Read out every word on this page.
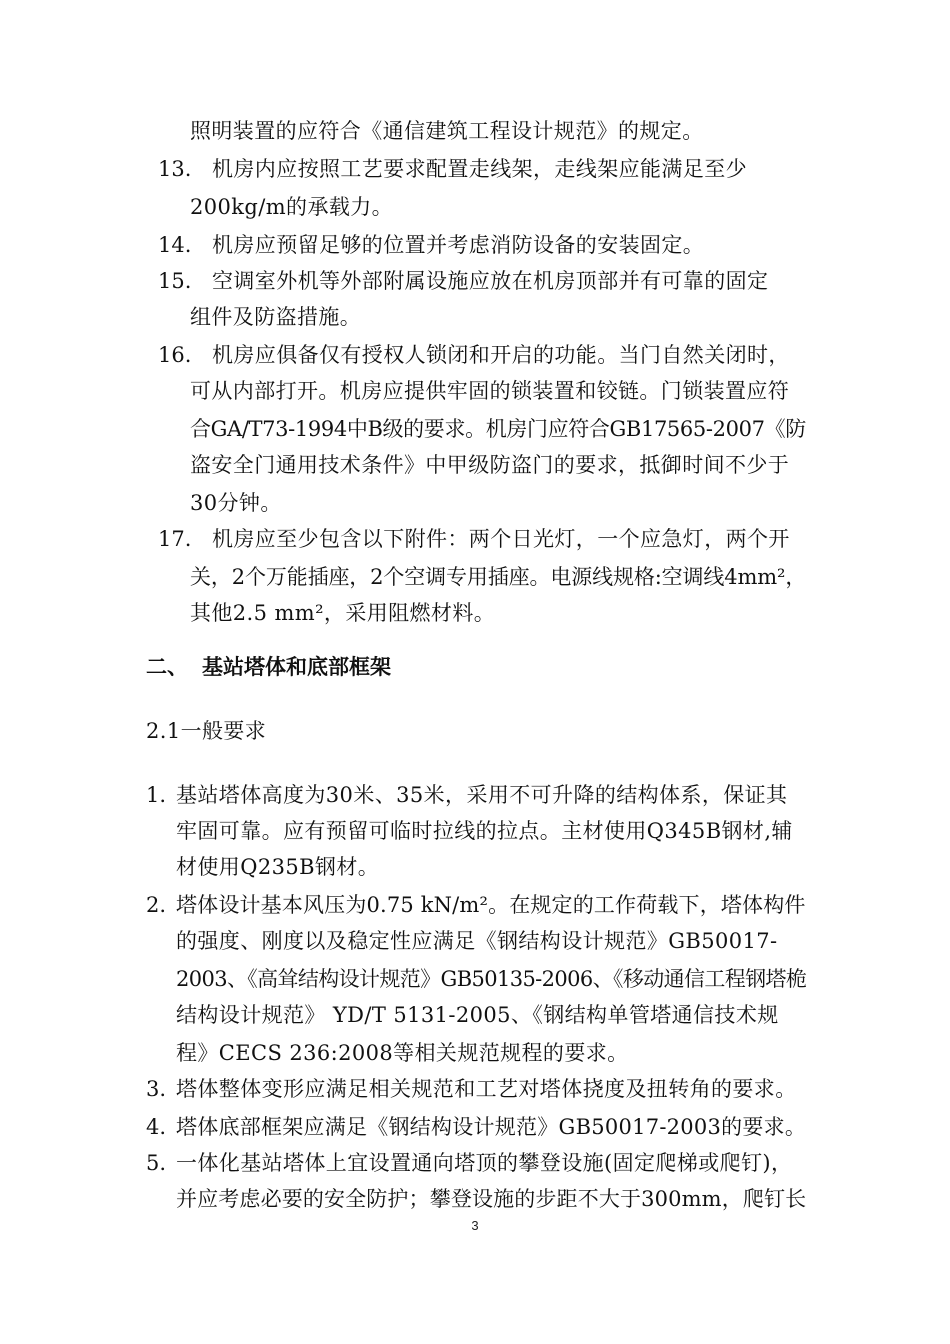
照明装置的应符合《通信建筑工程设计规范》的规定。
13. 机房内应按照工艺要求配置走线架，走线架应能满足至少
200kg/m的承载力。
14. 机房应预留足够的位置并考虑消防设备的安装固定。
15. 空调室外机等外部附属设施应放在机房顶部并有可靠的固定
组件及防盗措施。
16. 机房应俱备仅有授权人锁闭和开启的功能。当门自然关闭时，
可从内部打开。机房应提供牢固的锁装置和铰链。门锁装置应符
合GA/T73-1994中B级的要求。机房门应符合GB17565-2007《防
盗安全门通用技术条件》中甲级防盗门的要求，抵御时间不少于
30分钟。
17. 机房应至少包含以下附件：两个日光灯，一个应急灯，两个开
关，2个万能插座，2个空调专用插座。电源线规格:空调线4mm²，
其他2.5 mm²，采用阻燃材料。
二、 基站塔体和底部框架
2.1一般要求
1. 基站塔体高度为30米、35米，采用不可升降的结构体系，保证其
牢固可靠。应有预留可临时拉线的拉点。主材使用Q345B钢材,辅
材使用Q235B钢材。
2. 塔体设计基本风压为0.75 kN/m²。在规定的工作荷载下，塔体构件
的强度、刚度以及稳定性应满足《钢结构设计规范》GB50017-
2003、《高耸结构设计规范》GB50135-2006、《移动通信工程钢塔桅
结构设计规范》 YD/T 5131-2005、《钢结构单管塔通信技术规
程》CECS 236:2008等相关规范规程的要求。
3. 塔体整体变形应满足相关规范和工艺对塔体挠度及扭转角的要求。
4. 塔体底部框架应满足《钢结构设计规范》GB50017-2003的要求。
5. 一体化基站塔体上宜设置通向塔顶的攀登设施(固定爬梯或爬钉)，
并应考虑必要的安全防护；攀登设施的步距不大于300mm，爬钉长
3
